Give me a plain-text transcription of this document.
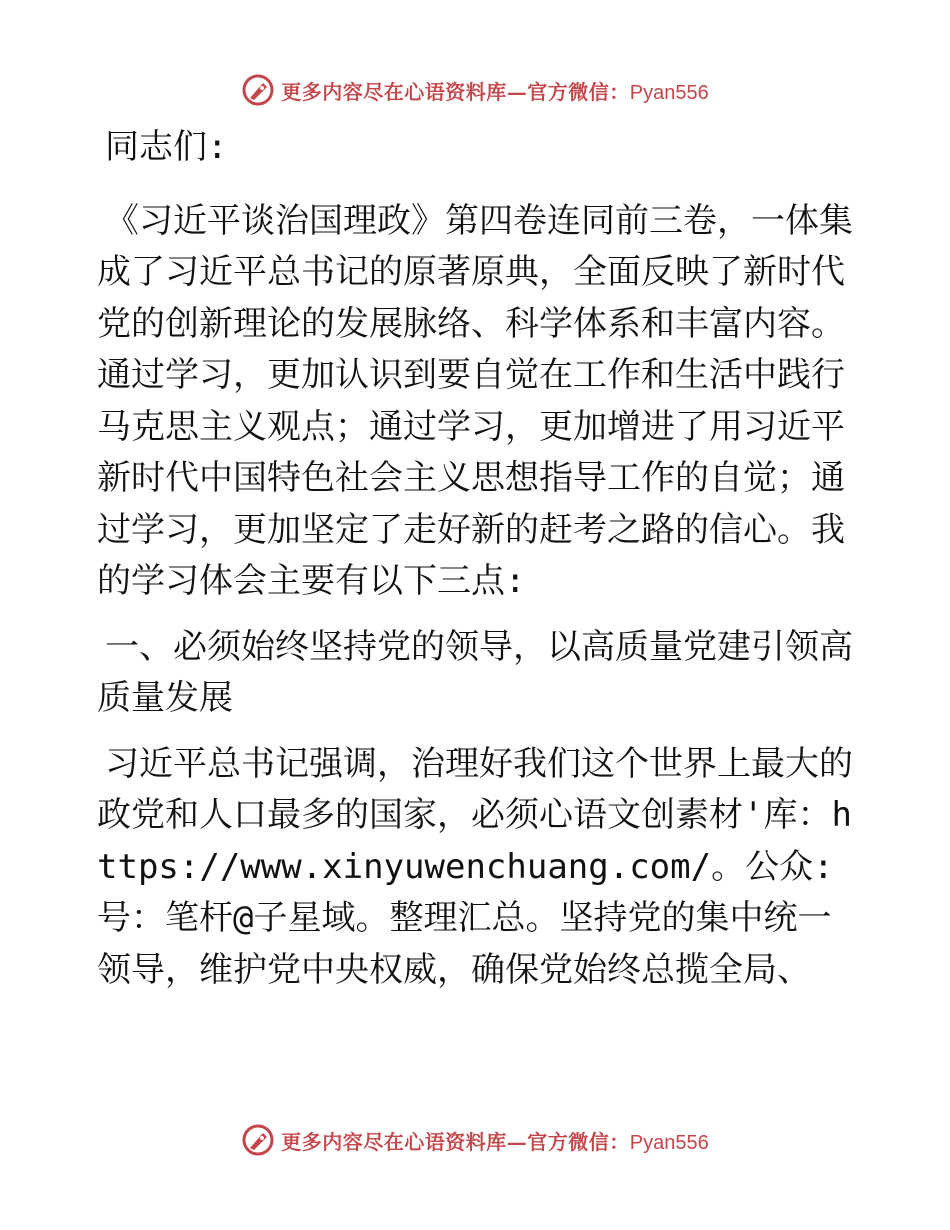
更多内容尽在心语资料库—官方微信：Pyan556

同志们:

《习近平谈治国理政》第四卷连同前三卷，一体集成了习近平总书记的原著原典，全面反映了新时代党的创新理论的发展脉络、科学体系和丰富内容。通过学习，更加认识到要自觉在工作和生活中践行马克思主义观点；通过学习，更加增进了用习近平新时代中国特色社会主义思想指导工作的自觉；通过学习，更加坚定了走好新的赶考之路的信心。我的学习体会主要有以下三点:

一、必须始终坚持党的领导，以高质量党建引领高质量发展

习近平总书记强调，治理好我们这个世界上最大的政党和人口最多的国家，必须心语文创素材'库：https://www.xinyuwenchuang.com/。公众:号：笔杆@子星域。整理汇总。坚持党的集中统一领导，维护党中央权威，确保党始终总揽全局、

更多内容尽在心语资料库—官方微信：Pyan556
